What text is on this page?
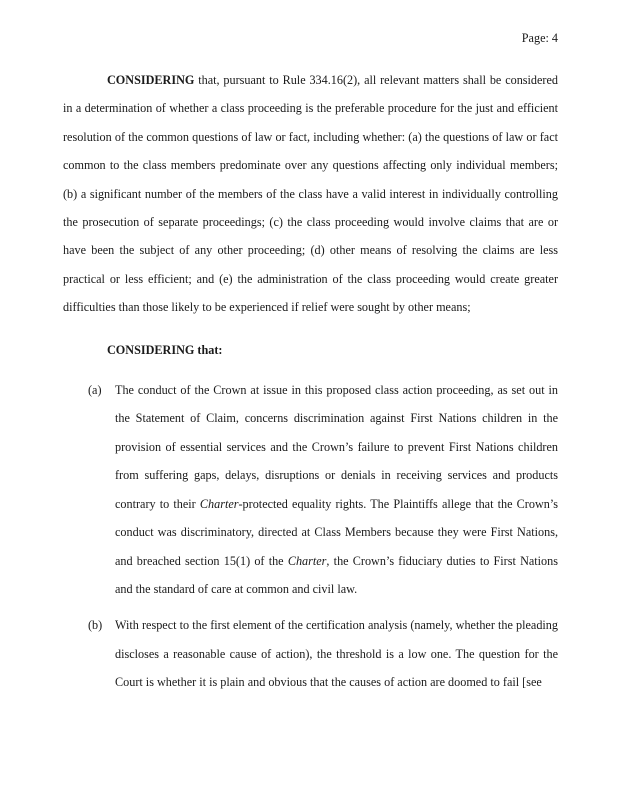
Page: 4

CONSIDERING that, pursuant to Rule 334.16(2), all relevant matters shall be considered in a determination of whether a class proceeding is the preferable procedure for the just and efficient resolution of the common questions of law or fact, including whether: (a) the questions of law or fact common to the class members predominate over any questions affecting only individual members; (b) a significant number of the members of the class have a valid interest in individually controlling the prosecution of separate proceedings; (c) the class proceeding would involve claims that are or have been the subject of any other proceeding; (d) other means of resolving the claims are less practical or less efficient; and (e) the administration of the class proceeding would create greater difficulties than those likely to be experienced if relief were sought by other means;

CONSIDERING that:

(a) The conduct of the Crown at issue in this proposed class action proceeding, as set out in the Statement of Claim, concerns discrimination against First Nations children in the provision of essential services and the Crown’s failure to prevent First Nations children from suffering gaps, delays, disruptions or denials in receiving services and products contrary to their Charter-protected equality rights. The Plaintiffs allege that the Crown’s conduct was discriminatory, directed at Class Members because they were First Nations, and breached section 15(1) of the Charter, the Crown’s fiduciary duties to First Nations and the standard of care at common and civil law.
(b) With respect to the first element of the certification analysis (namely, whether the pleading discloses a reasonable cause of action), the threshold is a low one. The question for the Court is whether it is plain and obvious that the causes of action are doomed to fail [see
